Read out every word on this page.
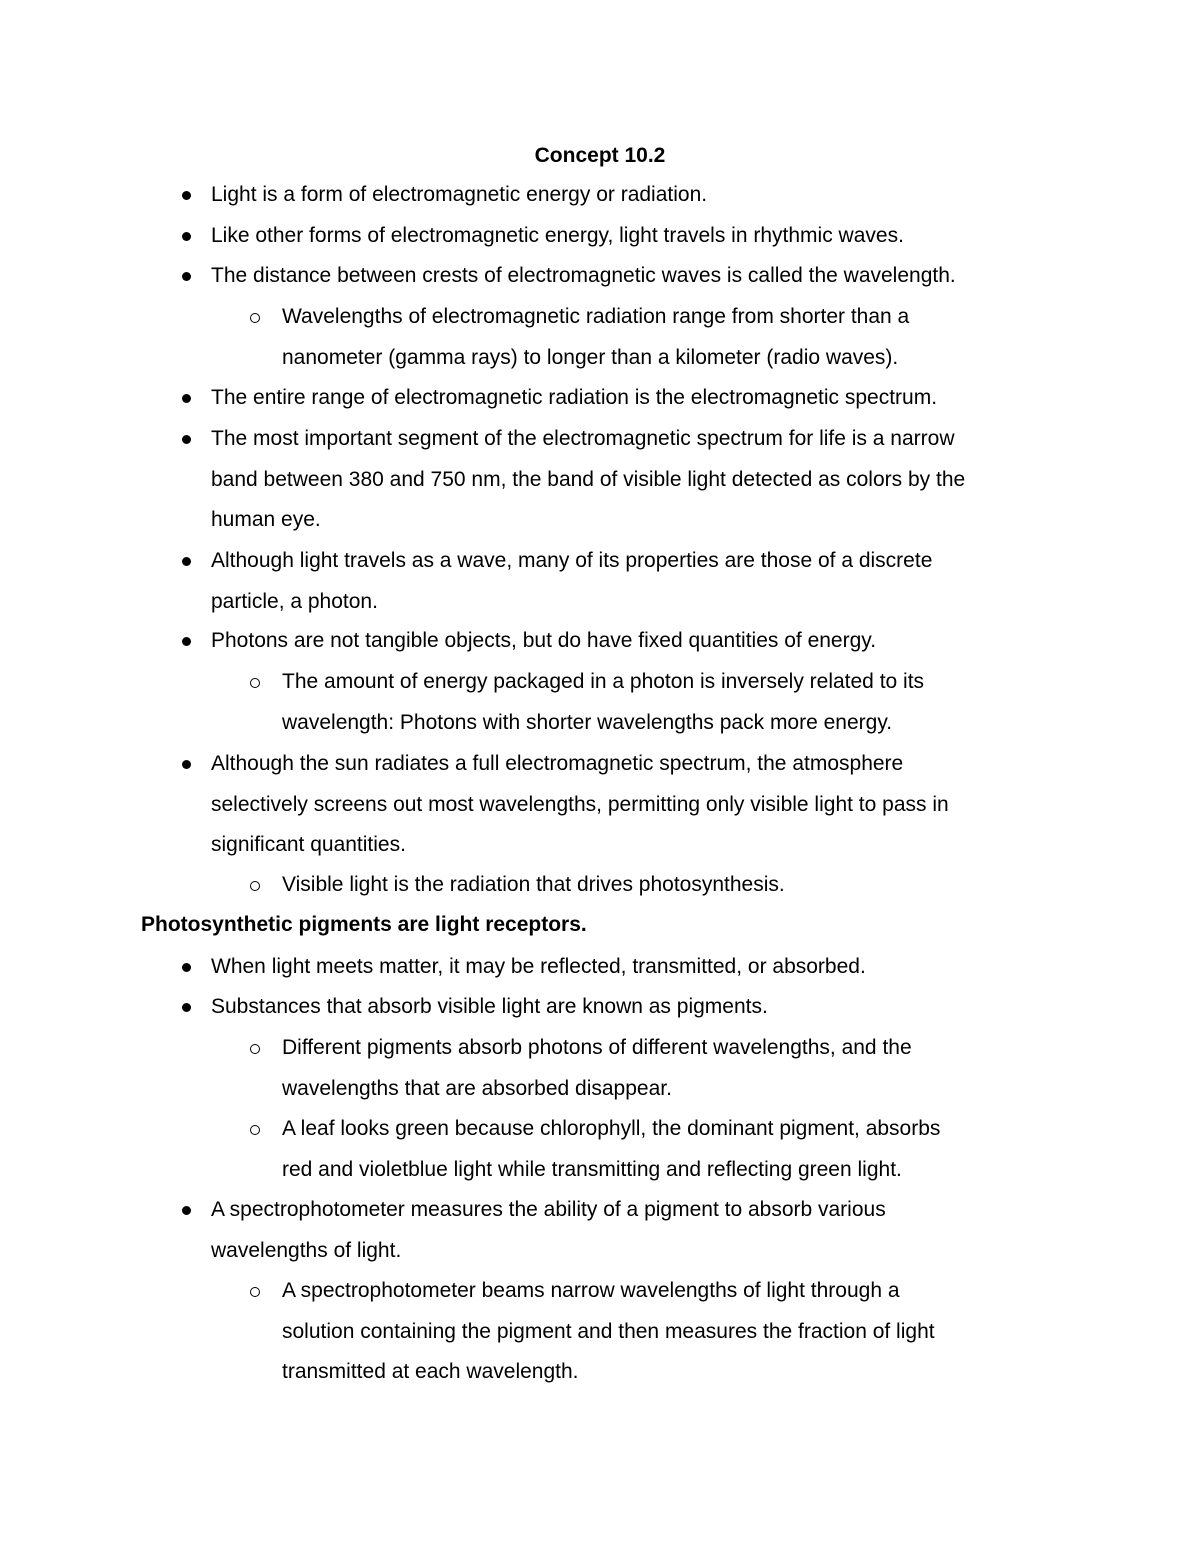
Concept 10.2
Light is a form of electromagnetic energy or radiation.
Like other forms of electromagnetic energy, light travels in rhythmic waves.
The distance between crests of electromagnetic waves is called the wavelength.
Wavelengths of electromagnetic radiation range from shorter than a
nanometer (gamma rays) to longer than a kilometer (radio waves).
The entire range of electromagnetic radiation is the electromagnetic spectrum.
The most important segment of the electromagnetic spectrum for life is a narrow
band between 380 and 750 nm, the band of visible light detected as colors by the
human eye.
Although light travels as a wave, many of its properties are those of a discrete
particle, a photon.
Photons are not tangible objects, but do have fixed quantities of energy.
The amount of energy packaged in a photon is inversely related to its
wavelength: Photons with shorter wavelengths pack more energy.
Although the sun radiates a full electromagnetic spectrum, the atmosphere
selectively screens out most wavelengths, permitting only visible light to pass in
significant quantities.
Visible light is the radiation that drives photosynthesis.
Photosynthetic pigments are light receptors.
When light meets matter, it may be reflected, transmitted, or absorbed.
Substances that absorb visible light are known as pigments.
Different pigments absorb photons of different wavelengths, and the
wavelengths that are absorbed disappear.
A leaf looks green because chlorophyll, the dominant pigment, absorbs
red and violetblue light while transmitting and reflecting green light.
A spectrophotometer measures the ability of a pigment to absorb various
wavelengths of light.
A spectrophotometer beams narrow wavelengths of light through a
solution containing the pigment and then measures the fraction of light
transmitted at each wavelength.
